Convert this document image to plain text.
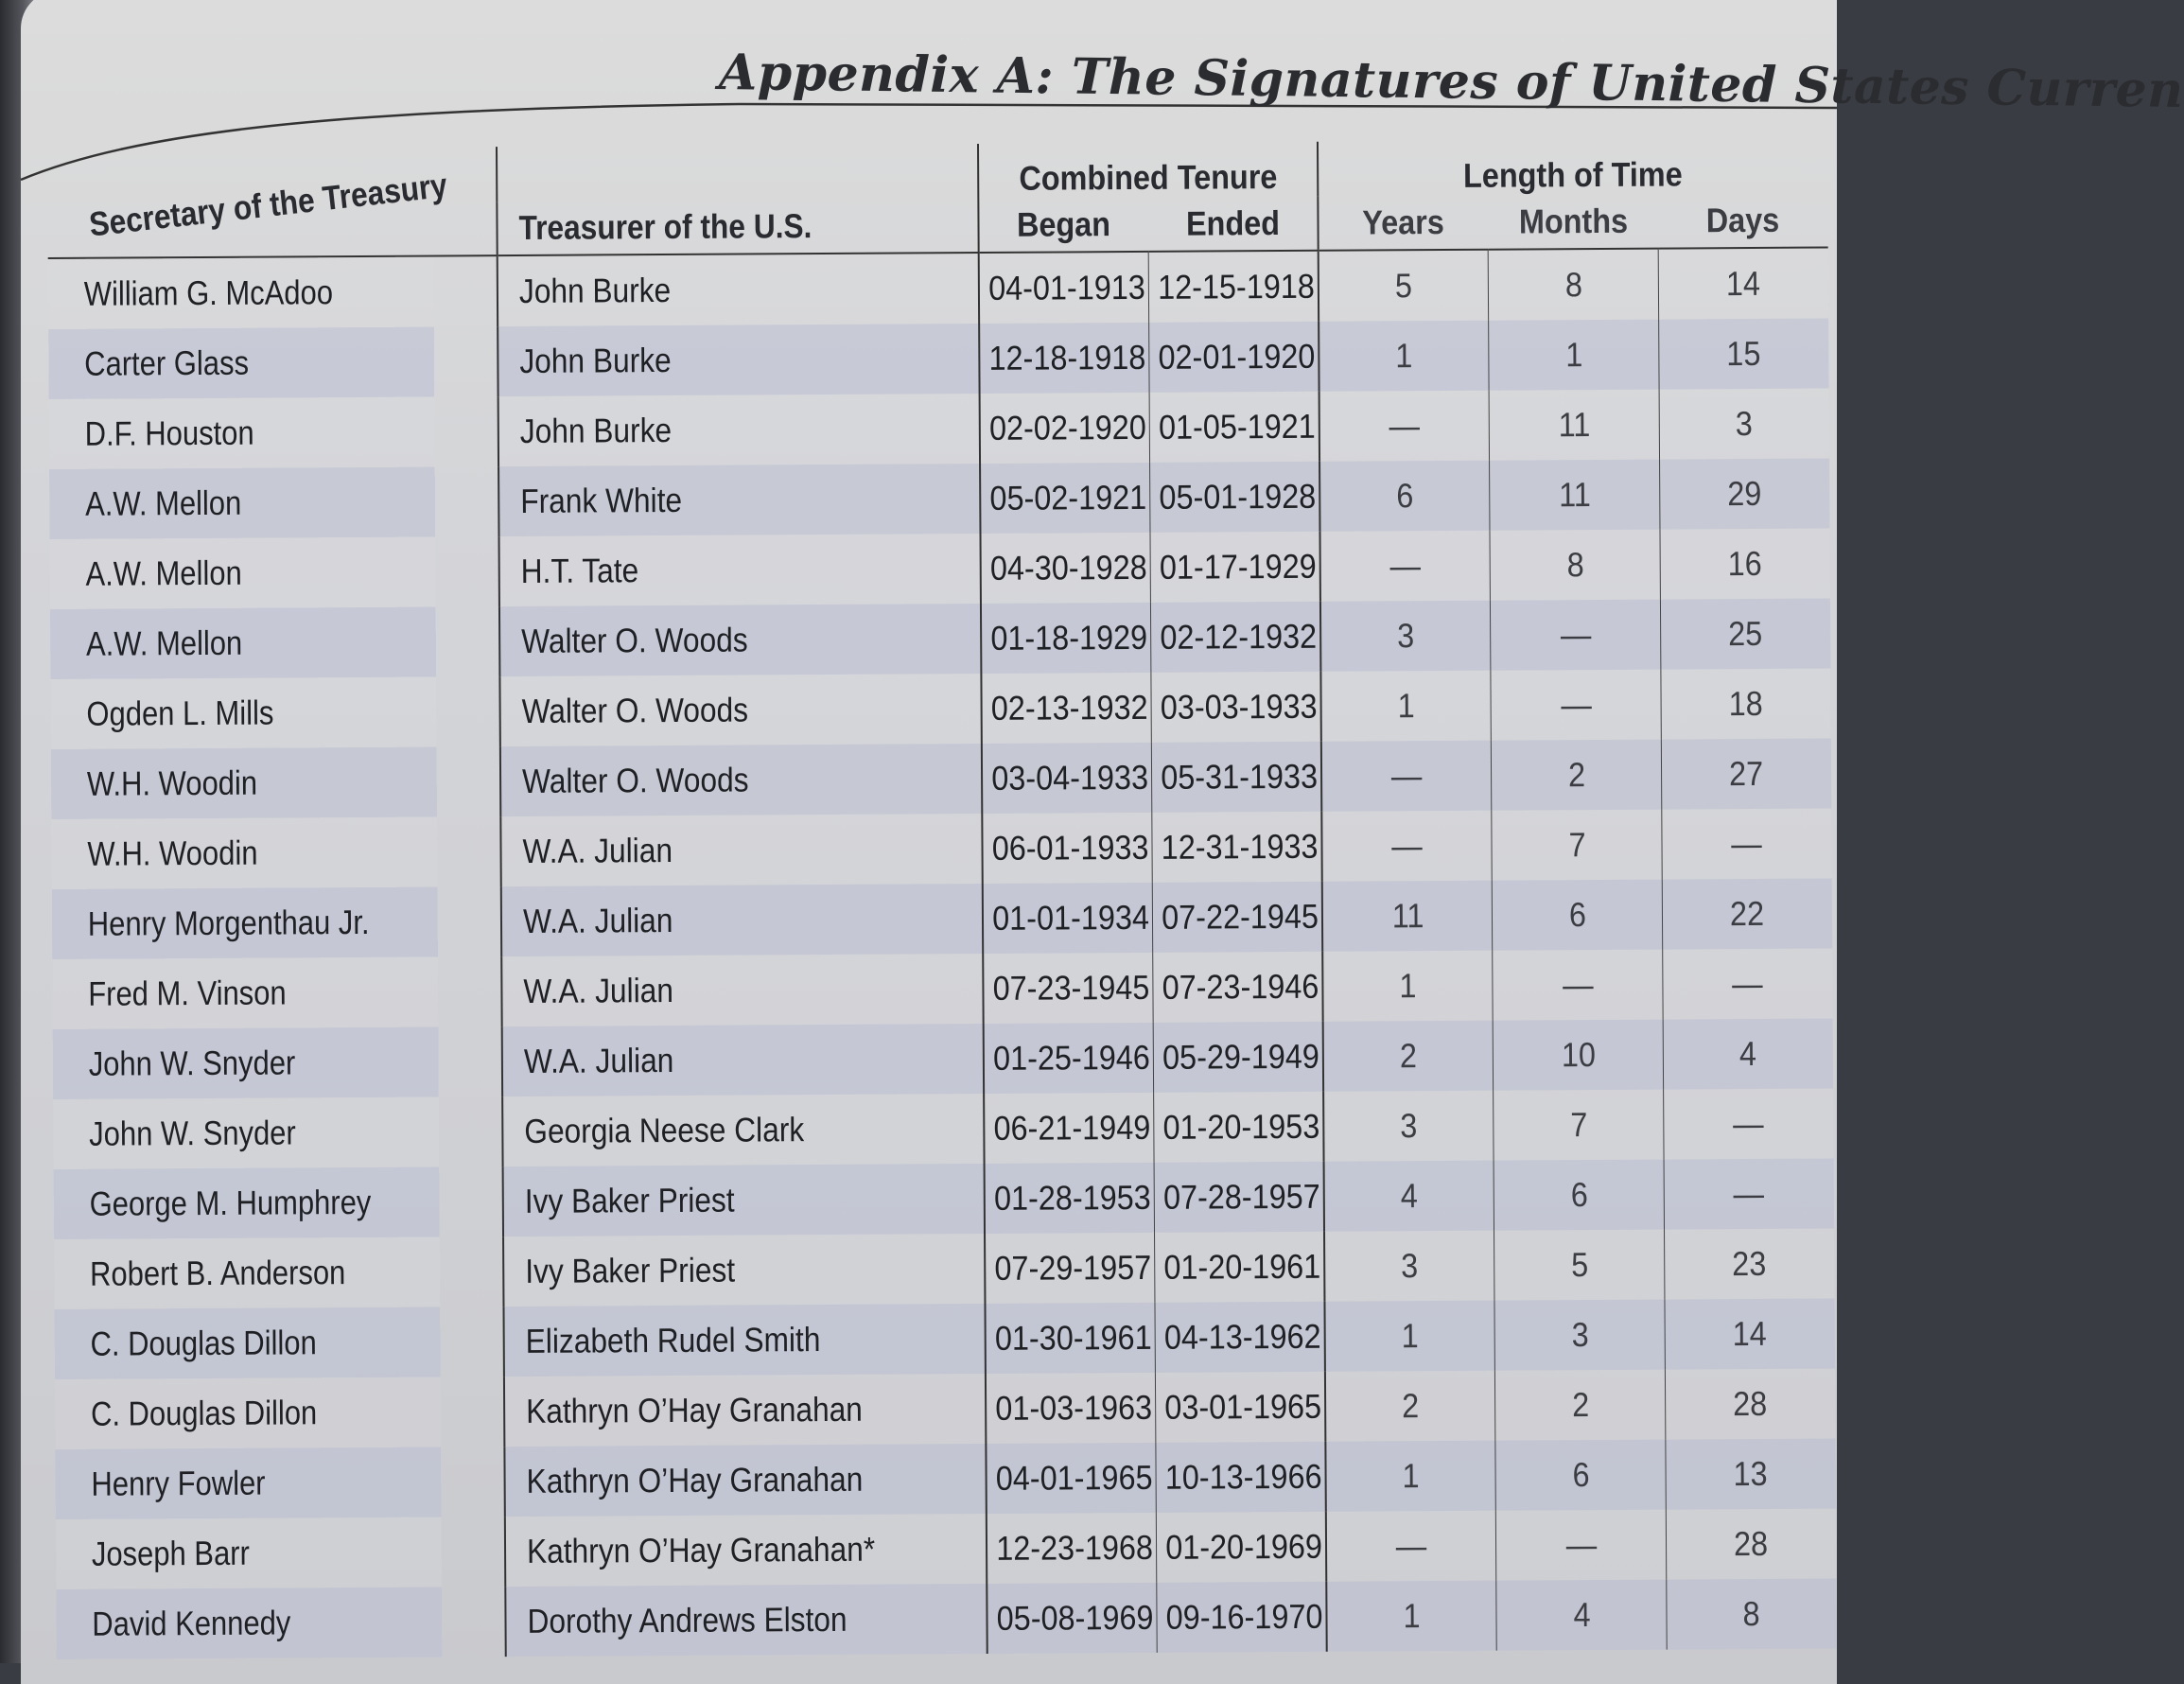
Appendix A: The Signatures of United States Curren
		Combined Tenure		Length of Time		
Secretary of the Treasury	Treasurer of the U.S.	Began	Ended	Years	Months	Days
William G. McAdoo	John Burke	04-01-1913	12-15-1918	5	8	14
Carter Glass	John Burke	12-18-1918	02-01-1920	1	1	15
D.F. Houston	John Burke	02-02-1920	01-05-1921	—	11	3
A.W. Mellon	Frank White	05-02-1921	05-01-1928	6	11	29
A.W. Mellon	H.T. Tate	04-30-1928	01-17-1929	—	8	16
A.W. Mellon	Walter O. Woods	01-18-1929	02-12-1932	3	—	25
Ogden L. Mills	Walter O. Woods	02-13-1932	03-03-1933	1	—	18
W.H. Woodin	Walter O. Woods	03-04-1933	05-31-1933	—	2	27
W.H. Woodin	W.A. Julian	06-01-1933	12-31-1933	—	7	—
Henry Morgenthau Jr.	W.A. Julian	01-01-1934	07-22-1945	11	6	22
Fred M. Vinson	W.A. Julian	07-23-1945	07-23-1946	1	—	—
John W. Snyder	W.A. Julian	01-25-1946	05-29-1949	2	10	4
John W. Snyder	Georgia Neese Clark	06-21-1949	01-20-1953	3	7	—
George M. Humphrey	Ivy Baker Priest	01-28-1953	07-28-1957	4	6	—
Robert B. Anderson	Ivy Baker Priest	07-29-1957	01-20-1961	3	5	23
C. Douglas Dillon	Elizabeth Rudel Smith	01-30-1961	04-13-1962	1	3	14
C. Douglas Dillon	Kathryn O’Hay Granahan	01-03-1963	03-01-1965	2	2	28
Henry Fowler	Kathryn O’Hay Granahan	04-01-1965	10-13-1966	1	6	13
Joseph Barr	Kathryn O’Hay Granahan*	12-23-1968	01-20-1969	—	—	28
David Kennedy	Dorothy Andrews Elston	05-08-1969	09-16-1970	1	4	8
